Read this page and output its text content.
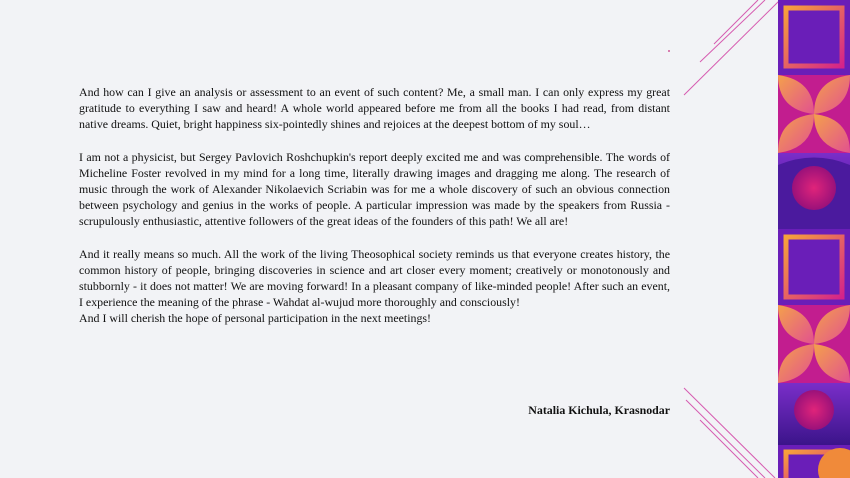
And how can I give an analysis or assessment to an event of such content? Me, a small man. I can only express my great gratitude to everything I saw and heard! A whole world appeared before me from all the books I had read, from distant native dreams. Quiet, bright happiness six-pointedly shines and rejoices at the deepest bottom of my soul…

I am not a physicist, but Sergey Pavlovich Roshchupkin's report deeply excited me and was comprehensible. The words of Micheline Foster revolved in my mind for a long time, literally drawing images and dragging me along. The research of music through the work of Alexander Nikolaevich Scriabin was for me a whole discovery of such an obvious connection between psychology and genius in the works of people. A particular impression was made by the speakers from Russia - scrupulously enthusiastic, attentive followers of the great ideas of the founders of this path! We all are!

And it really means so much. All the work of the living Theosophical society reminds us that everyone creates history, the common history of people, bringing discoveries in science and art closer every moment; creatively or monotonously and stubbornly - it does not matter! We are moving forward! In a pleasant company of like-minded people! After such an event, I experience the meaning of the phrase - Wahdat al-wujud more thoroughly and consciously!

And I will cherish the hope of personal participation in the next meetings!

Natalia Kichula, Krasnodar
